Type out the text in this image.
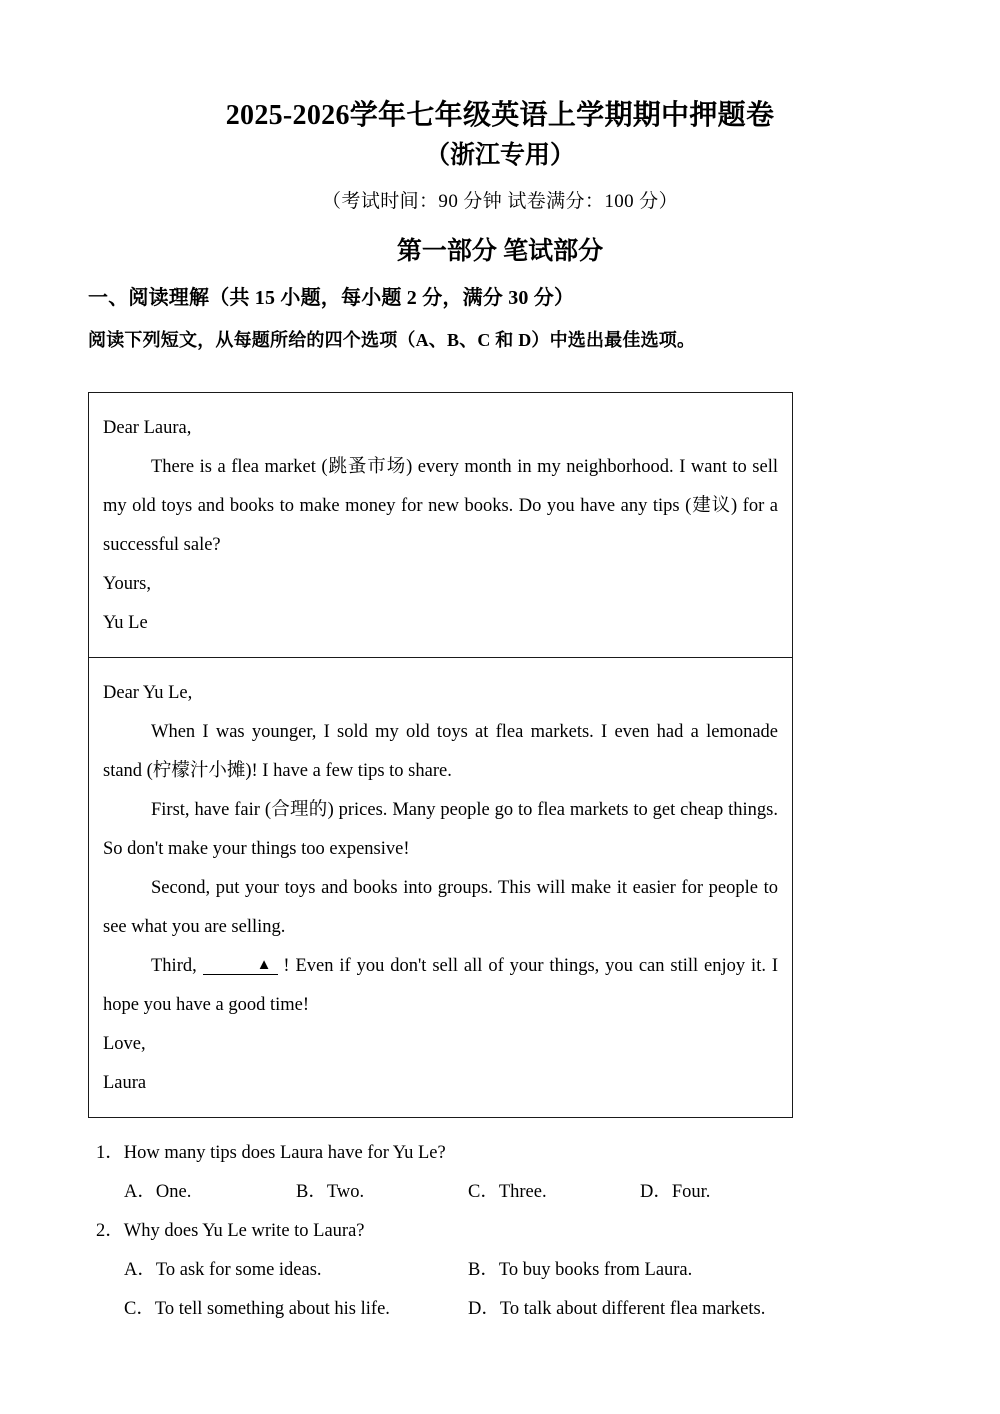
2025-2026学年七年级英语上学期期中押题卷
（浙江专用）

（考试时间：90 分钟 试卷满分：100 分）

第一部分 笔试部分

一、阅读理解（共 15 小题，每小题 2 分，满分 30 分）

阅读下列短文，从每题所给的四个选项（A、B、C 和 D）中选出最佳选项。

Dear Laura,

There is a flea market (跳蚤市场) every month in my neighborhood. I want to sell my old toys and books to make money for new books. Do you have any tips (建议) for a successful sale?

Yours,

Yu Le

Dear Yu Le,

When I was younger, I sold my old toys at flea markets. I even had a lemonade stand (柠檬汁小摊)! I have a few tips to share.

First, have fair (合理的) prices. Many people go to flea markets to get cheap things. So don't make your things too expensive!

Second, put your toys and books into groups. This will make it easier for people to see what you are selling.

Third,	▲ ! Even if you don't sell all of your things, you can still enjoy it. I hope you have a good time!

Love,

Laura

1．How many tips does Laura have for Yu Le?

A．One.	B．Two.	C．Three.	D．Four.

2．Why does Yu Le write to Laura?

A．To ask for some ideas.	B．To buy books from Laura.
C．To tell something about his life.	D．To talk about different flea markets.
